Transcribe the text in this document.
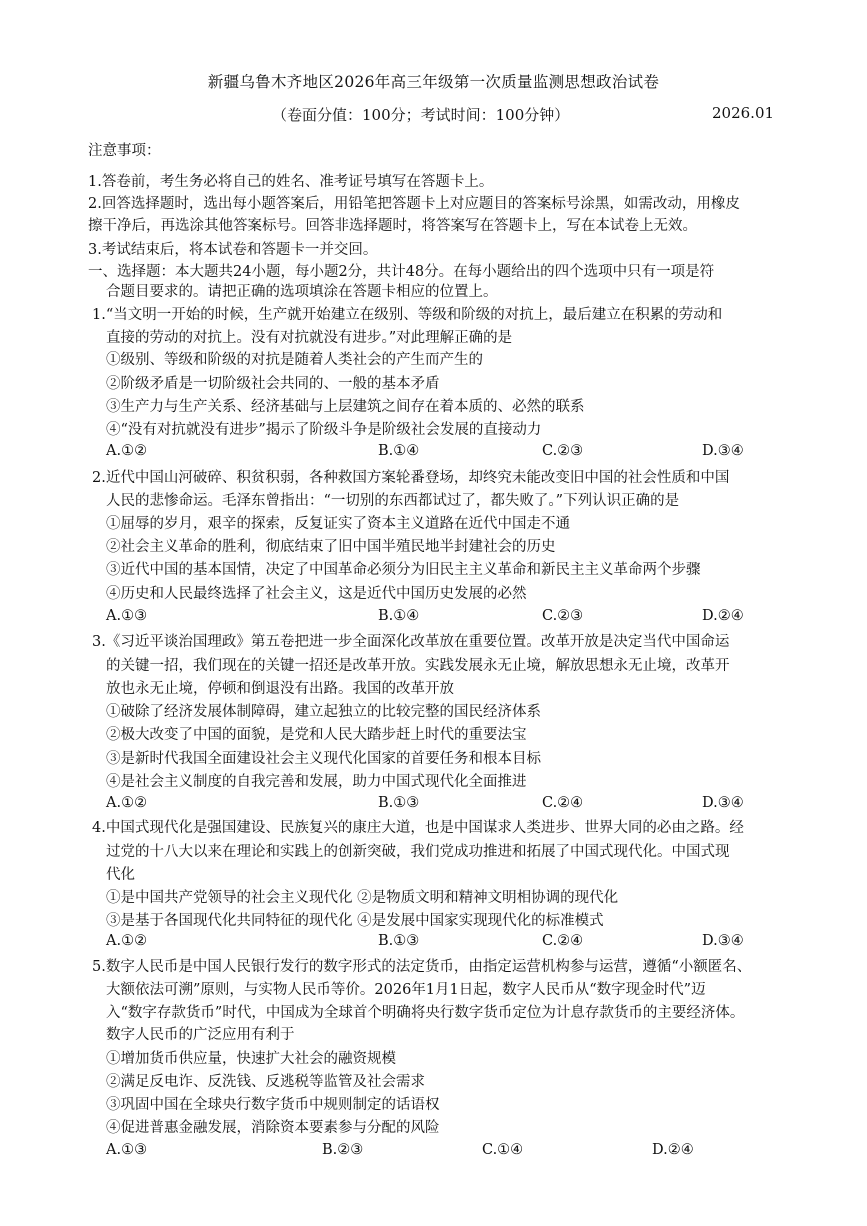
新疆乌鲁木齐地区2026年高三年级第一次质量监测思想政治试卷
（卷面分值：100分；考试时间：100分钟）	2026.01
注意事项：
1.答卷前，考生务必将自己的姓名、准考证号填写在答题卡上。
2.回答选择题时，选出每小题答案后，用铅笔把答题卡上对应题目的答案标号涂黑，如需改动，用橡皮
擦干净后，再选涂其他答案标号。回答非选择题时，将答案写在答题卡上，写在本试卷上无效。
3.考试结束后，将本试卷和答题卡一并交回。
一、选择题：本大题共24小题，每小题2分，共计48分。在每小题给出的四个选项中只有一项是符
合题目要求的。请把正确的选项填涂在答题卡相应的位置上。
1.“当文明一开始的时候，生产就开始建立在级别、等级和阶级的对抗上，最后建立在积累的劳动和
直接的劳动的对抗上。没有对抗就没有进步。”对此理解正确的是
①级别、等级和阶级的对抗是随着人类社会的产生而产生的
②阶级矛盾是一切阶级社会共同的、一般的基本矛盾
③生产力与生产关系、经济基础与上层建筑之间存在着本质的、必然的联系
④“没有对抗就没有进步”揭示了阶级斗争是阶级社会发展的直接动力
A.①②	B.①④	C.②③	D.③④
2.近代中国山河破碎、积贫积弱，各种救国方案轮番登场，却终究未能改变旧中国的社会性质和中国
人民的悲惨命运。毛泽东曾指出：“一切别的东西都试过了，都失败了。”下列认识正确的是
①屈辱的岁月，艰辛的探索，反复证实了资本主义道路在近代中国走不通
②社会主义革命的胜利，彻底结束了旧中国半殖民地半封建社会的历史
③近代中国的基本国情，决定了中国革命必须分为旧民主主义革命和新民主主义革命两个步骤
④历史和人民最终选择了社会主义，这是近代中国历史发展的必然
A.①③	B.①④	C.②③	D.②④
3.《习近平谈治国理政》第五卷把进一步全面深化改革放在重要位置。改革开放是决定当代中国命运
的关键一招，我们现在的关键一招还是改革开放。实践发展永无止境，解放思想永无止境，改革开
放也永无止境，停顿和倒退没有出路。我国的改革开放
①破除了经济发展体制障碍，建立起独立的比较完整的国民经济体系
②极大改变了中国的面貌，是党和人民大踏步赶上时代的重要法宝
③是新时代我国全面建设社会主义现代化国家的首要任务和根本目标
④是社会主义制度的自我完善和发展，助力中国式现代化全面推进
A.①②	B.①③	C.②④	D.③④
4.中国式现代化是强国建设、民族复兴的康庄大道，也是中国谋求人类进步、世界大同的必由之路。经
过党的十八大以来在理论和实践上的创新突破，我们党成功推进和拓展了中国式现代化。中国式现
代化
①是中国共产党领导的社会主义现代化 ②是物质文明和精神文明相协调的现代化
③是基于各国现代化共同特征的现代化 ④是发展中国家实现现代化的标准模式
A.①②	B.①③	C.②④	D.③④
5.数字人民币是中国人民银行发行的数字形式的法定货币，由指定运营机构参与运营，遵循“小额匿名、
大额依法可溯”原则，与实物人民币等价。2026年1月1日起，数字人民币从“数字现金时代”迈
入“数字存款货币”时代，中国成为全球首个明确将央行数字货币定位为计息存款货币的主要经济体。
数字人民币的广泛应用有利于
①增加货币供应量，快速扩大社会的融资规模
②满足反电诈、反洗钱、反逃税等监管及社会需求
③巩固中国在全球央行数字货币中规则制定的话语权
④促进普惠金融发展，消除资本要素参与分配的风险
A.①③	B.②③	C.①④	D.②④
